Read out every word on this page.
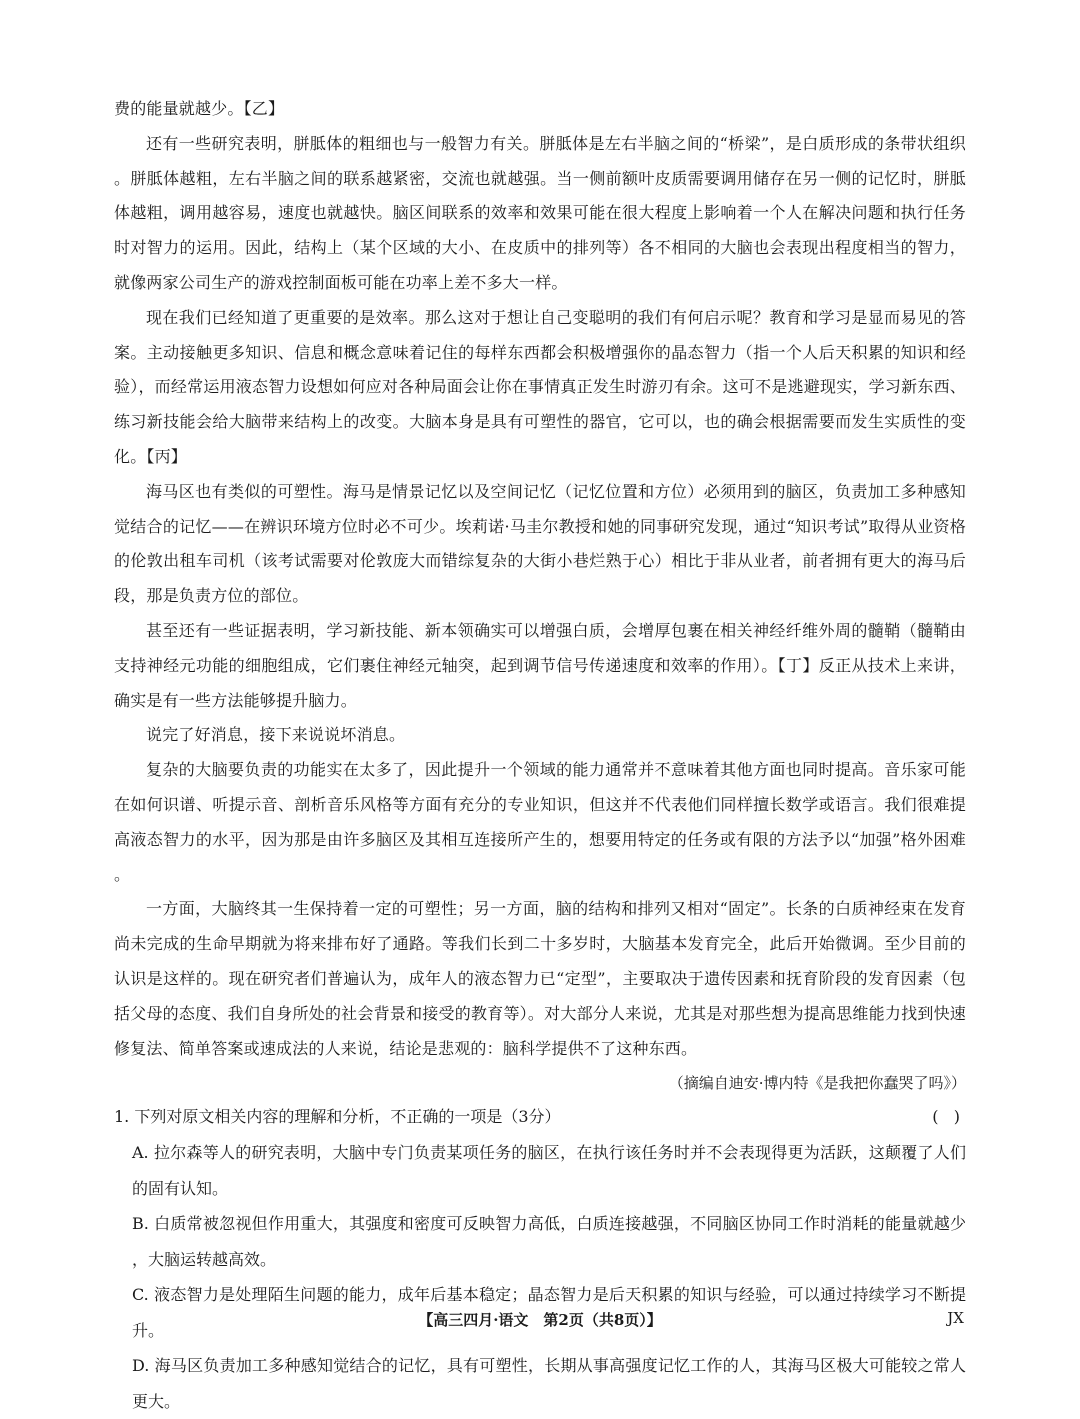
费的能量就越少。【乙】

还有一些研究表明，胼胝体的粗细也与一般智力有关。胼胝体是左右半脑之间的“桥梁”，是白质形成的条带状组织。胼胝体越粗，左右半脑之间的联系越紧密，交流也就越强。当一侧前额叶皮质需要调用储存在另一侧的记忆时，胼胝体越粗，调用越容易，速度也就越快。脑区间联系的效率和效果可能在很大程度上影响着一个人在解决问题和执行任务时对智力的运用。因此，结构上（某个区域的大小、在皮质中的排列等）各不相同的大脑也会表现出程度相当的智力，就像两家公司生产的游戏控制面板可能在功率上差不多大一样。

现在我们已经知道了更重要的是效率。那么这对于想让自己变聪明的我们有何启示呢？教育和学习是显而易见的答案。主动接触更多知识、信息和概念意味着记住的每样东西都会积极增强你的晶态智力（指一个人后天积累的知识和经验），而经常运用液态智力设想如何应对各种局面会让你在事情真正发生时游刃有余。这可不是逃避现实，学习新东西、练习新技能会给大脑带来结构上的改变。大脑本身是具有可塑性的器官，它可以，也的确会根据需要而发生实质性的变化。【丙】

海马区也有类似的可塑性。海马是情景记忆以及空间记忆（记忆位置和方位）必须用到的脑区，负责加工多种感知觉结合的记忆——在辨识环境方位时必不可少。埃莉诺·马圭尔教授和她的同事研究发现，通过“知识考试”取得从业资格的伦敦出租车司机（该考试需要对伦敦庞大而错综复杂的大街小巷烂熟于心）相比于非从业者，前者拥有更大的海马后段，那是负责方位的部位。

甚至还有一些证据表明，学习新技能、新本领确实可以增强白质，会增厚包裹在相关神经纤维外周的髓鞘（髓鞘由支持神经元功能的细胞组成，它们裹住神经元轴突，起到调节信号传递速度和效率的作用）。【丁】反正从技术上来讲，确实是有一些方法能够提升脑力。

说完了好消息，接下来说说坏消息。

复杂的大脑要负责的功能实在太多了，因此提升一个领域的能力通常并不意味着其他方面也同时提高。音乐家可能在如何识谱、听提示音、剖析音乐风格等方面有充分的专业知识，但这并不代表他们同样擅长数学或语言。我们很难提高液态智力的水平，因为那是由许多脑区及其相互连接所产生的，想要用特定的任务或有限的方法予以“加强”格外困难。

一方面，大脑终其一生保持着一定的可塑性；另一方面，脑的结构和排列又相对“固定”。长条的白质神经束在发育尚未完成的生命早期就为将来排布好了通路。等我们长到二十多岁时，大脑基本发育完全，此后开始微调。至少目前的认识是这样的。现在研究者们普遍认为，成年人的液态智力已“定型”，主要取决于遗传因素和抚育阶段的发育因素（包括父母的态度、我们自身所处的社会背景和接受的教育等）。对大部分人来说，尤其是对那些想为提高思维能力找到快速修复法、简单答案或速成法的人来说，结论是悲观的：脑科学提供不了这种东西。

（摘编自迪安·博内特《是我把你蠢哭了吗》）

1. 下列对原文相关内容的理解和分析，不正确的一项是（3分）	(   )

A. 拉尔森等人的研究表明，大脑中专门负责某项任务的脑区，在执行该任务时并不会表现得更为活跃，这颠覆了人们的固有认知。

B. 白质常被忽视但作用重大，其强度和密度可反映智力高低，白质连接越强，不同脑区协同工作时消耗的能量就越少，大脑运转越高效。

C. 液态智力是处理陌生问题的能力，成年后基本稳定；晶态智力是后天积累的知识与经验，可以通过持续学习不断提升。

D. 海马区负责加工多种感知觉结合的记忆，具有可塑性，长期从事高强度记忆工作的人，其海马区极大可能较之常人更大。

【高三四月·语文　第2页（共8页）】	JX
